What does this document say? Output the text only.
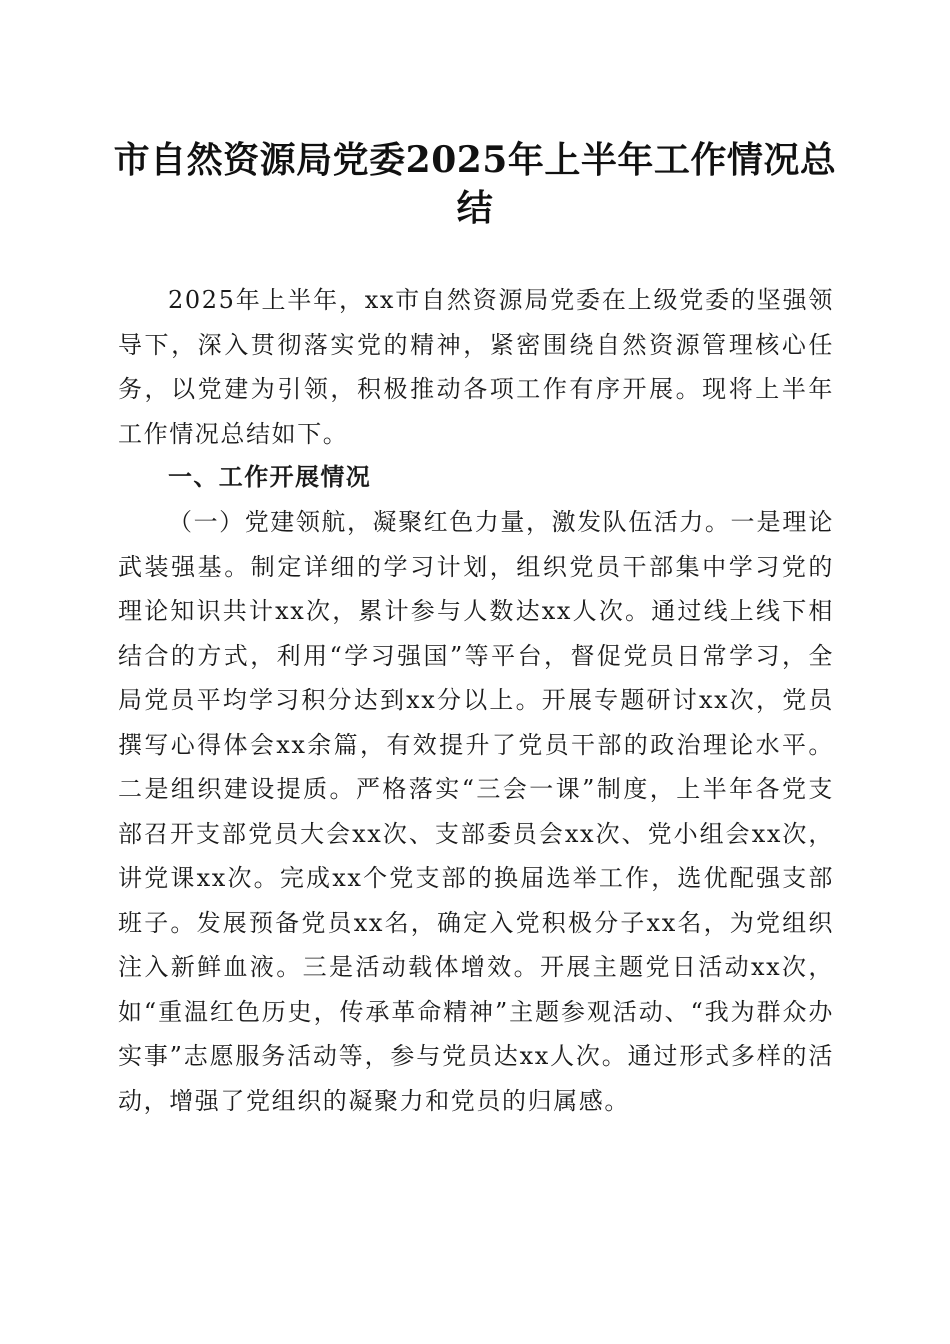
市自然资源局党委2025年上半年工作情况总结

2025年上半年，xx市自然资源局党委在上级党委的坚强领导下，深入贯彻落实党的精神，紧密围绕自然资源管理核心任务，以党建为引领，积极推动各项工作有序开展。现将上半年工作情况总结如下。

一、工作开展情况

（一）党建领航，凝聚红色力量，激发队伍活力。一是理论武装强基。制定详细的学习计划，组织党员干部集中学习党的理论知识共计xx次，累计参与人数达xx人次。通过线上线下相结合的方式，利用“学习强国”等平台，督促党员日常学习，全局党员平均学习积分达到xx分以上。开展专题研讨xx次，党员撰写心得体会xx余篇，有效提升了党员干部的政治理论水平。二是组织建设提质。严格落实“三会一课”制度，上半年各党支部召开支部党员大会xx次、支部委员会xx次、党小组会xx次，讲党课xx次。完成xx个党支部的换届选举工作，选优配强支部班子。发展预备党员xx名，确定入党积极分子xx名，为党组织注入新鲜血液。三是活动载体增效。开展主题党日活动xx次，如“重温红色历史，传承革命精神”主题参观活动、“我为群众办实事”志愿服务活动等，参与党员达xx人次。通过形式多样的活动，增强了党组织的凝聚力和党员的归属感。
